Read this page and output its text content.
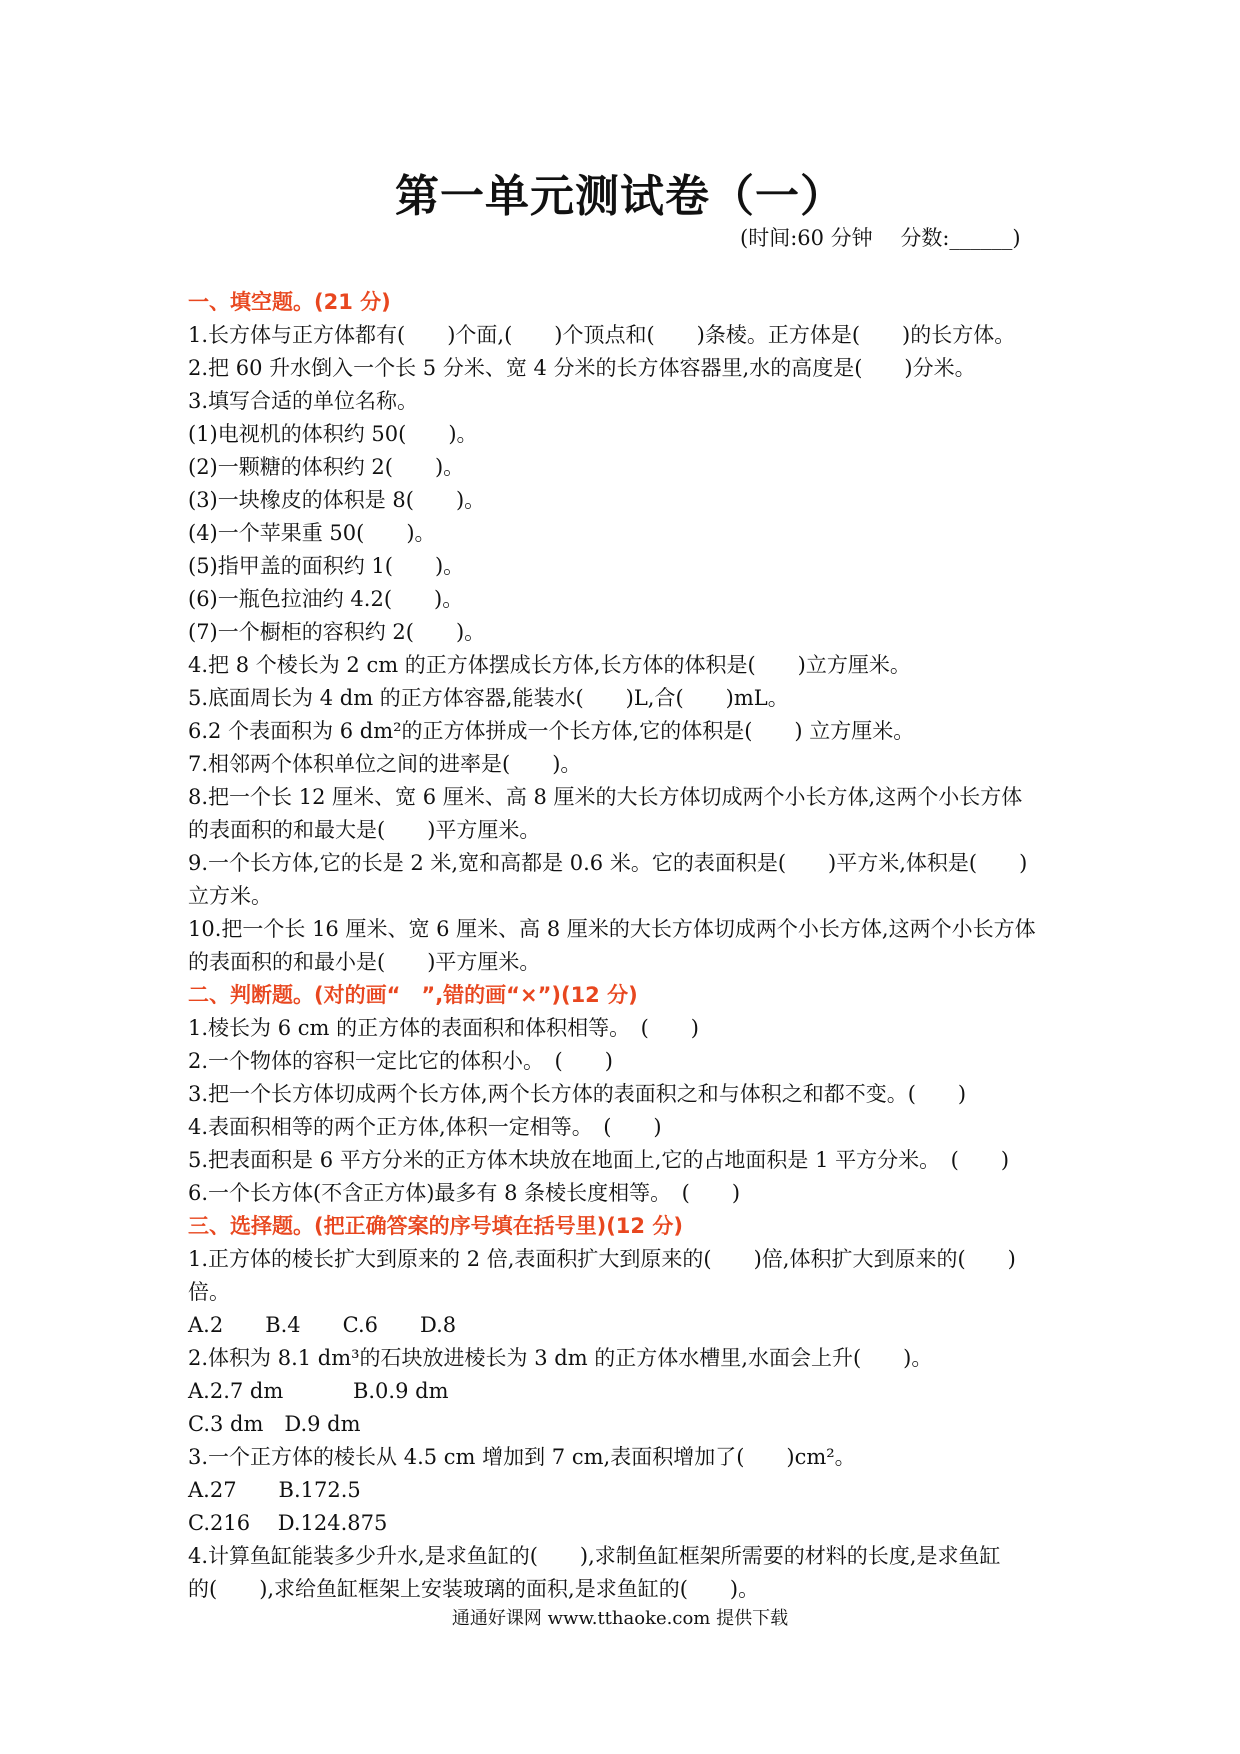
第一单元测试卷（一）
(时间:60 分钟　 分数:______)
一、填空题。(21 分)
1.长方体与正方体都有(　　)个面,(　　)个顶点和(　　)条棱。正方体是(　　)的长方体。
2.把 60 升水倒入一个长 5 分米、宽 4 分米的长方体容器里,水的高度是(　　)分米。
3.填写合适的单位名称。
(1)电视机的体积约 50(　　)。
(2)一颗糖的体积约 2(　　)。
(3)一块橡皮的体积是 8(　　)。
(4)一个苹果重 50(　　)。
(5)指甲盖的面积约 1(　　)。
(6)一瓶色拉油约 4.2(　　)。
(7)一个橱柜的容积约 2(　　)。
4.把 8 个棱长为 2 cm 的正方体摆成长方体,长方体的体积是(　　)立方厘米。
5.底面周长为 4 dm 的正方体容器,能装水(　　)L,合(　　)mL。
6.2 个表面积为 6 dm²的正方体拼成一个长方体,它的体积是(　　) 立方厘米。
7.相邻两个体积单位之间的进率是(　　)。
8.把一个长 12 厘米、宽 6 厘米、高 8 厘米的大长方体切成两个小长方体,这两个小长方体
的表面积的和最大是(　　)平方厘米。
9.一个长方体,它的长是 2 米,宽和高都是 0.6 米。它的表面积是(　　)平方米,体积是(　　)
立方米。
10.把一个长 16 厘米、宽 6 厘米、高 8 厘米的大长方体切成两个小长方体,这两个小长方体
的表面积的和最小是(　　)平方厘米。
二、判断题。(对的画“　”,错的画“×”)(12 分)
1.棱长为 6 cm 的正方体的表面积和体积相等。　(　　)
2.一个物体的容积一定比它的体积小。　(　　)
3.把一个长方体切成两个长方体,两个长方体的表面积之和与体积之和都不变。(　　)
4.表面积相等的两个正方体,体积一定相等。　(　　)
5.把表面积是 6 平方分米的正方体木块放在地面上,它的占地面积是 1 平方分米。　(　　)
6.一个长方体(不含正方体)最多有 8 条棱长度相等。　(　　)
三、选择题。(把正确答案的序号填在括号里)(12 分)
1.正方体的棱长扩大到原来的 2 倍,表面积扩大到原来的(　　)倍,体积扩大到原来的(　　)
倍。
A.2　　B.4　　C.6　　D.8
2.体积为 8.1 dm³的石块放进棱长为 3 dm 的正方体水槽里,水面会上升(　　)。
A.2.7 dm　　　 B.0.9 dm
C.3 dm　D.9 dm
3.一个正方体的棱长从 4.5 cm 增加到 7 cm,表面积增加了(　　)cm²。
A.27　　B.172.5
C.216　 D.124.875
4.计算鱼缸能装多少升水,是求鱼缸的(　　),求制鱼缸框架所需要的材料的长度,是求鱼缸
的(　　),求给鱼缸框架上安装玻璃的面积,是求鱼缸的(　　)。
通通好课网 www.tthaoke.com 提供下载
